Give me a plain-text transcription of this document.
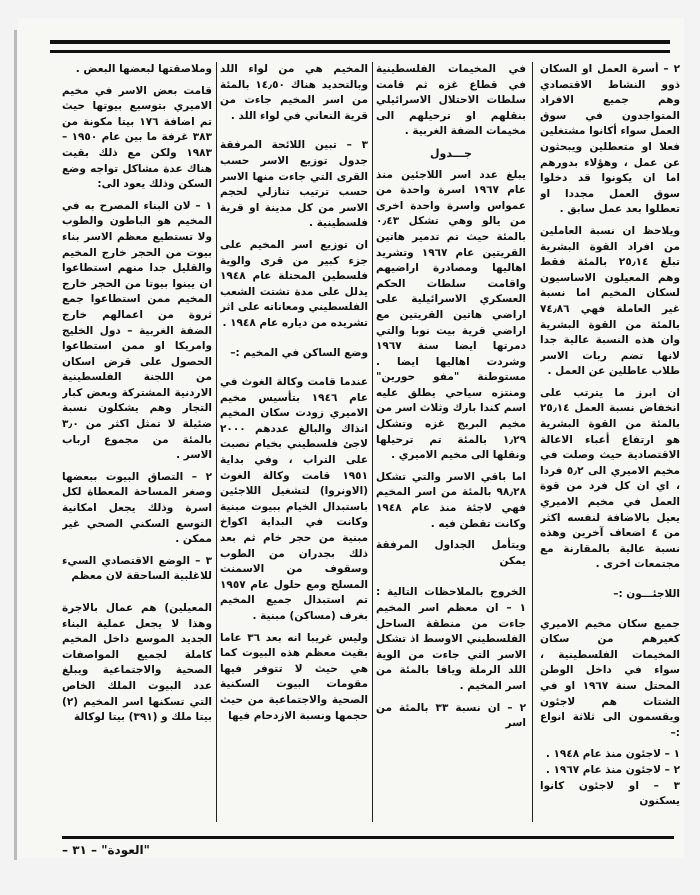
٢ – أسرة العمل او السكان ذوو النشاط الاقتصادي وهم جميع الافراد المتواجدون في سوق العمل سواء أكانوا مشتغلين فعلا او متعطلين ويبحثون عن عمل ، وهؤلاء بدورهم اما ان يكونوا قد دخلوا سوق العمل مجددا او تعطلوا بعد عمل سابق .

ويلاحظ ان نسبة العاملين من افراد القوة البشرية تبلغ ٢٥٫١٤ بالمئة فقط وهم المعيلون الاساسيون لسكان المخيم اما نسبة غير العاملة فهي ٧٤٫٨٦ بالمئة من القوة البشرية وان هذه النسبة عالية جدا لانها تضم ربات الاسر طلاب عاطلين عن العمل .

ان ابرز ما يترتب على انخفاض نسبة العمل ٢٥٫١٤ بالمئة من القوة البشرية هو ارتفاع أعباء الاعالة الاقتصادية حيث وصلت في مخيم الاميري الى ٥٫٢ فردا ، اي ان كل فرد من قوة العمل في مخيم الاميري يعيل بالاضافة لنفسه اكثر من ٤ اضعاف آخرين وهذه نسبة عالية بالمقارنة مع مجتمعات اخرى .

اللاجئـــون :–

جميع سكان مخيم الاميري كغيرهم من سكان المخيمات الفلسطينية ، سواء في داخل الوطن المحتل سنة ١٩٦٧ او في الشتات هم لاجئون ويقسمون الى ثلاثة انواع :–

١ – لاجئون منذ عام ١٩٤٨ .

٢ – لاجئون منذ عام ١٩٦٧ .

٣ – او لاجئون كانوا يسكنون

في المخيمات الفلسطينية في قطاع غزه ثم قامت سلطات الاحتلال الاسرائيلي بنقلهم او ترحيلهم الى مخيمات الضفة الغربية .

جـــدول

يبلغ عدد اسر اللاجئين منذ عام ١٩٦٧ اسرة واحدة من عمواس واسرة واحدة اخرى من يالو وهي تشكل ٠٫٤٣ بالمئة حيث تم تدمير هاتين القريتين عام ١٩٦٧ وتشريد اهاليها ومصادرة اراضيهم واقامت سلطات الحكم العسكري الاسرائيلية على اراضي هاتين القريتين مع اراضي قرية بيت نوبا والتي دمرتها ايضا سنة ١٩٦٧ وشردت اهاليها ايضا . مستوطنة "مفو حورين" ومنتزه سياحي يطلق عليه اسم كندا بارك وثلاث اسر من مخيم البريج غزه وتشكل ١٫٢٩ بالمئة تم ترحيلها ونقلها الى مخيم الاميري .

اما باقي الاسر والتي تشكل ٩٨٫٢٨ بالمئة من اسر المخيم فهي لاجئة منذ عام ١٩٤٨ وكانت تقطن فيه .

ويتأمل الجداول المرفقة يمكن

الخروج بالملاحظات التالية : ١ – ان معظم اسر المخيم جاءت من منطقة الساحل الفلسطيني الاوسط اذ تشكل الاسر التي جاءت من الوية اللد الرملة ويافا بالمئة من اسر المخيم .

٢ – ان نسبة ٣٣ بالمئة من اسر

المخيم هي من لواء اللد وبالتحديد هناك ١٤٫٥٠ بالمئة من اسر المخيم جاءت من قرية النعاني في لواء اللد .

٣ – تبين اللائحة المرفقة جدول توزيع الاسر حسب القرى التي جاءت منها الاسر حسب ترتيب تنازلي لحجم الاسر من كل مدينة او قرية فلسطينية .

ان توزيع اسر المخيم على جزء كبير من قرى والوية فلسطين المحتلة عام ١٩٤٨ يدلل على مدة تشتت الشعب الفلسطيني ومعاناته على اثر تشريده من دياره عام ١٩٤٨ .

وضع الساكن في المخيم :–

عندما قامت وكالة الغوث في عام ١٩٤٦ بتأسيس مخيم الاميري زودت سكان المخيم انذاك والبالغ عددهم ٢٠٠٠ لاجئ فلسطيني بخيام نصبت على التراب ، وفي بداية ١٩٥١ قامت وكالة الغوث (الاونروا) لتشغيل اللاجئين باستبدال الخيام ببيوت مبنية وكانت في البداية اكواخ مبنية من حجر خام ثم بعد ذلك بجدران من الطوب وسقوف من الاسمنت المسلح ومع حلول عام ١٩٥٧ تم استبدال جميع المخيم بغرف (مساكن) مبنية .

وليس غريبا انه بعد ٣٦ عاما بقيت معظم هذه البيوت كما هي حيث لا تتوفر فيها مقومات البيوت السكنية الصحية والاجتماعية من حيث حجمها ونسبة الازدحام فيها

وملاصقتها لبعضها البعض .

قامت بعض الاسر في مخيم الاميري بتوسيع بيوتها حيث تم اضافة ١٧٦ بيتا مكونة من ٣٨٣ غرفة ما بين عام ١٩٥٠ – ١٩٨٣ ولكن مع ذلك بقيت هناك عدة مشاكل تواجه وضع السكن وذلك يعود الى:

١ – لان البناء المصرح به في المخيم هو الباطون والطوب ولا تستطيع معظم الاسر بناء بيوت من الحجر خارج المخيم والقليل جدا منهم استطاعوا ان يبنوا بيوتا من الحجر خارج المخيم ممن استطاعوا جمع ثروة من اعمالهم خارج الضفة الغربية – دول الخليج وامريكا او ممن استطاعوا الحصول على قرض اسكان من اللجنة الفلسطينية الاردنية المشتركة وبعض كبار التجار وهم يشكلون نسبة ضئيلة لا تمثل اكثر من ٣٫٠ بالمئة من مجموع ارباب الاسر .

٢ – التصاق البيوت ببعضها وصغر المساحة المعطاة لكل اسرة وذلك يجعل امكانية التوسع السكني الصحي غير ممكن .

٣ – الوضع الاقتصادي السيء للاغلبية الساحقة لان معظم

المعيلين) هم عمال بالاجرة وهذا لا يجعل عملية البناء الجديد الموسع داخل المخيم كاملة لجميع المواصفات الصحية والاجتماعية ويبلغ عدد البيوت الملك الخاص التي تسكنها اسر المخيم (٢) بيتا ملك و (٣٩١) بيتا لوكالة

"العودة" – ٣١ –
